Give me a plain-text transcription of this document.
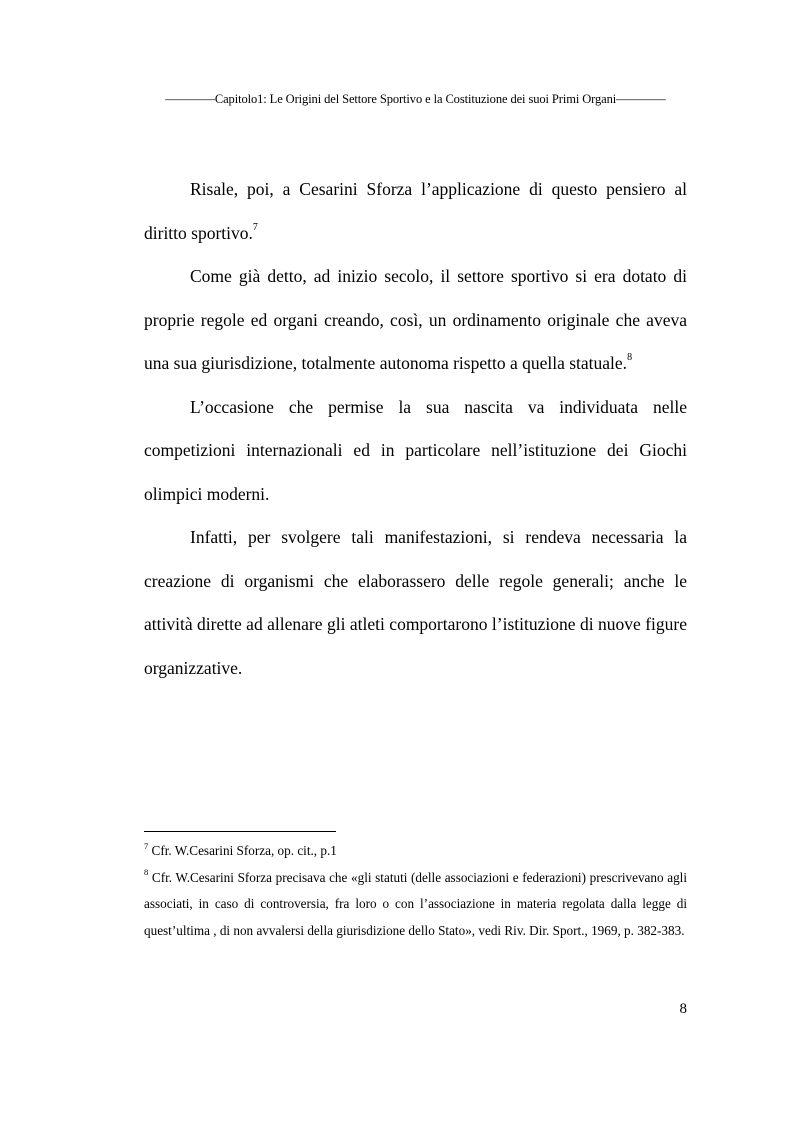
————Capitolo1: Le Origini del Settore Sportivo e la Costituzione dei suoi Primi Organi————

Risale, poi, a Cesarini Sforza l’applicazione di questo pensiero al diritto sportivo.$^7$

Come già detto, ad inizio secolo, il settore sportivo si era dotato di proprie regole ed organi creando, così, un ordinamento originale che aveva una sua giurisdizione, totalmente autonoma rispetto a quella statuale.$^8$

L’occasione che permise la sua nascita va individuata nelle competizioni internazionali ed in particolare nell’istituzione dei Giochi olimpici moderni.

Infatti, per svolgere tali manifestazioni, si rendeva necessaria la creazione di organismi che elaborassero delle regole generali; anche le attività dirette ad allenare gli atleti comportarono l’istituzione di nuove figure organizzative.

$^7$ Cfr. W.Cesarini Sforza, op. cit., p.1

$^8$ Cfr. W.Cesarini Sforza precisava che «gli statuti (delle associazioni e federazioni) prescrivevano agli associati, in caso di controversia, fra loro o con l’associazione in materia regolata dalla legge di quest’ultima , di non avvalersi della giurisdizione dello Stato», vedi Riv. Dir. Sport., 1969, p. 382-383.

8
